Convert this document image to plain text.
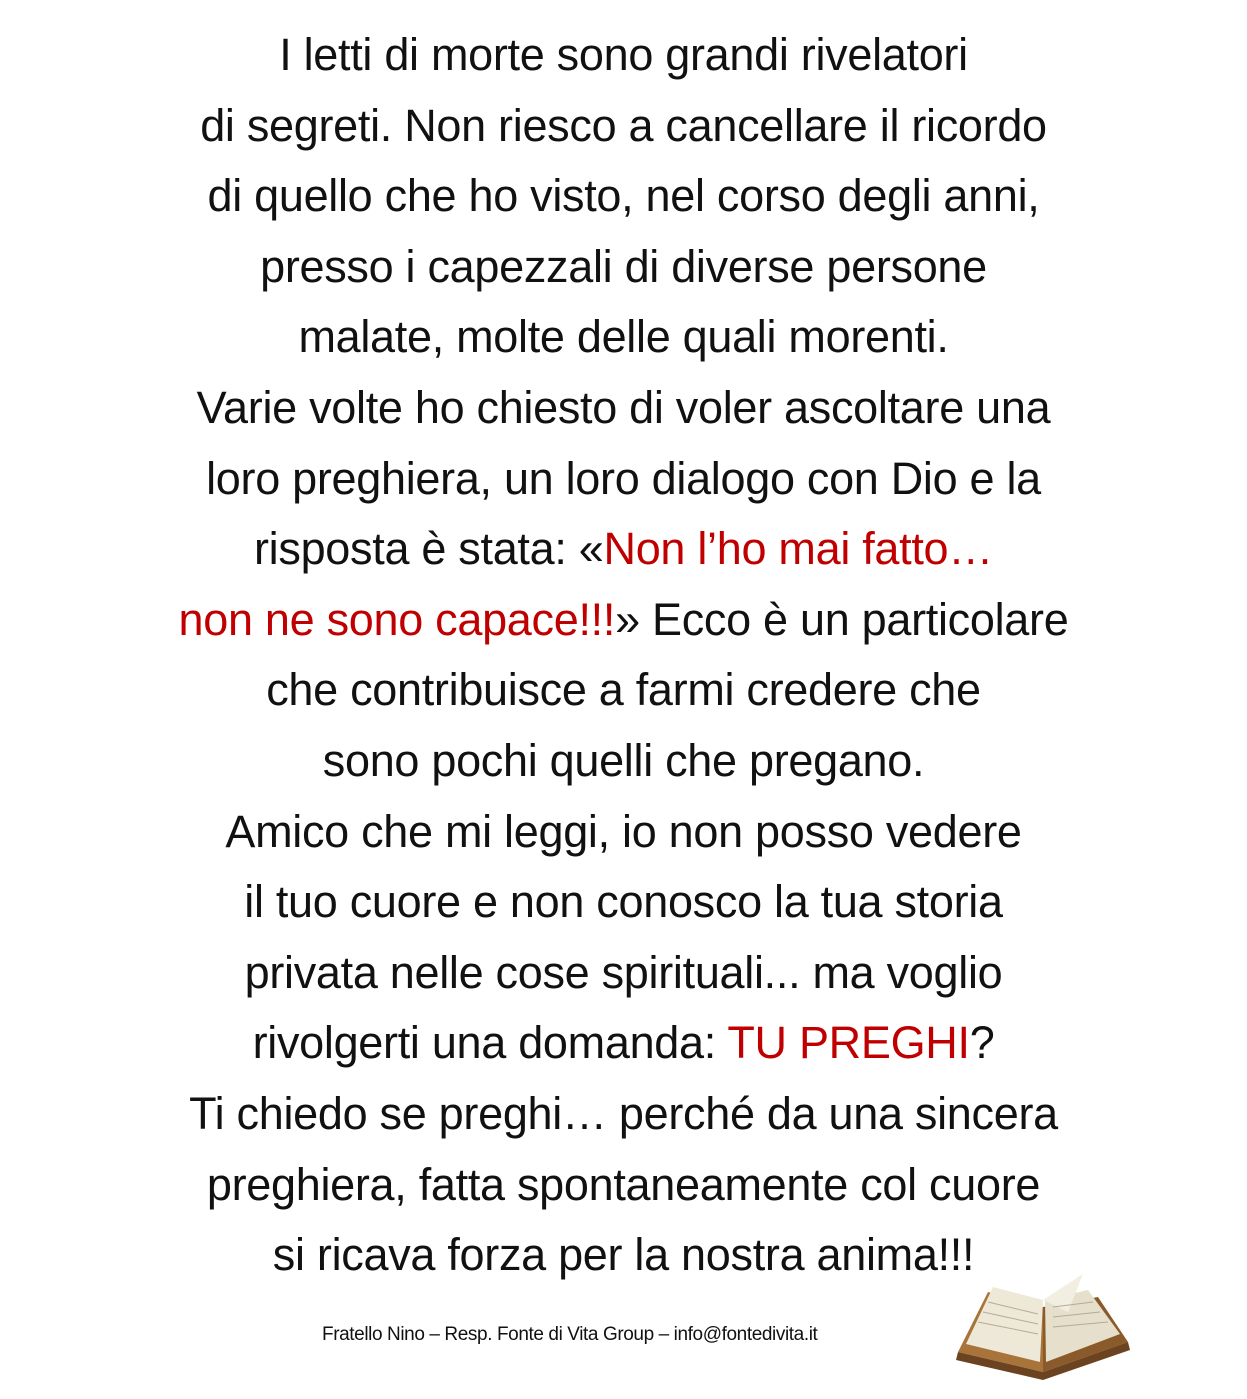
I letti di morte sono grandi rivelatori
di segreti. Non riesco a cancellare il ricordo
di quello che ho visto, nel corso degli anni,
presso i capezzali di diverse persone
malate, molte delle quali morenti.
Varie volte ho chiesto di voler ascoltare una
loro preghiera, un loro dialogo con Dio e la
risposta è stata: «Non l’ho mai fatto…
non ne sono capace!!!» Ecco è un particolare
che contribuisce a farmi credere che
sono pochi quelli che pregano.
Amico che mi leggi, io non posso vedere
il tuo cuore e non conosco la tua storia
privata nelle cose spirituali... ma voglio
rivolgerti una domanda: TU PREGHI?
Ti chiedo se preghi… perché da una sincera
preghiera, fatta spontaneamente col cuore
si ricava forza per la nostra anima!!!
Fratello Nino – Resp. Fonte di Vita Group – info@fontedivita.it
